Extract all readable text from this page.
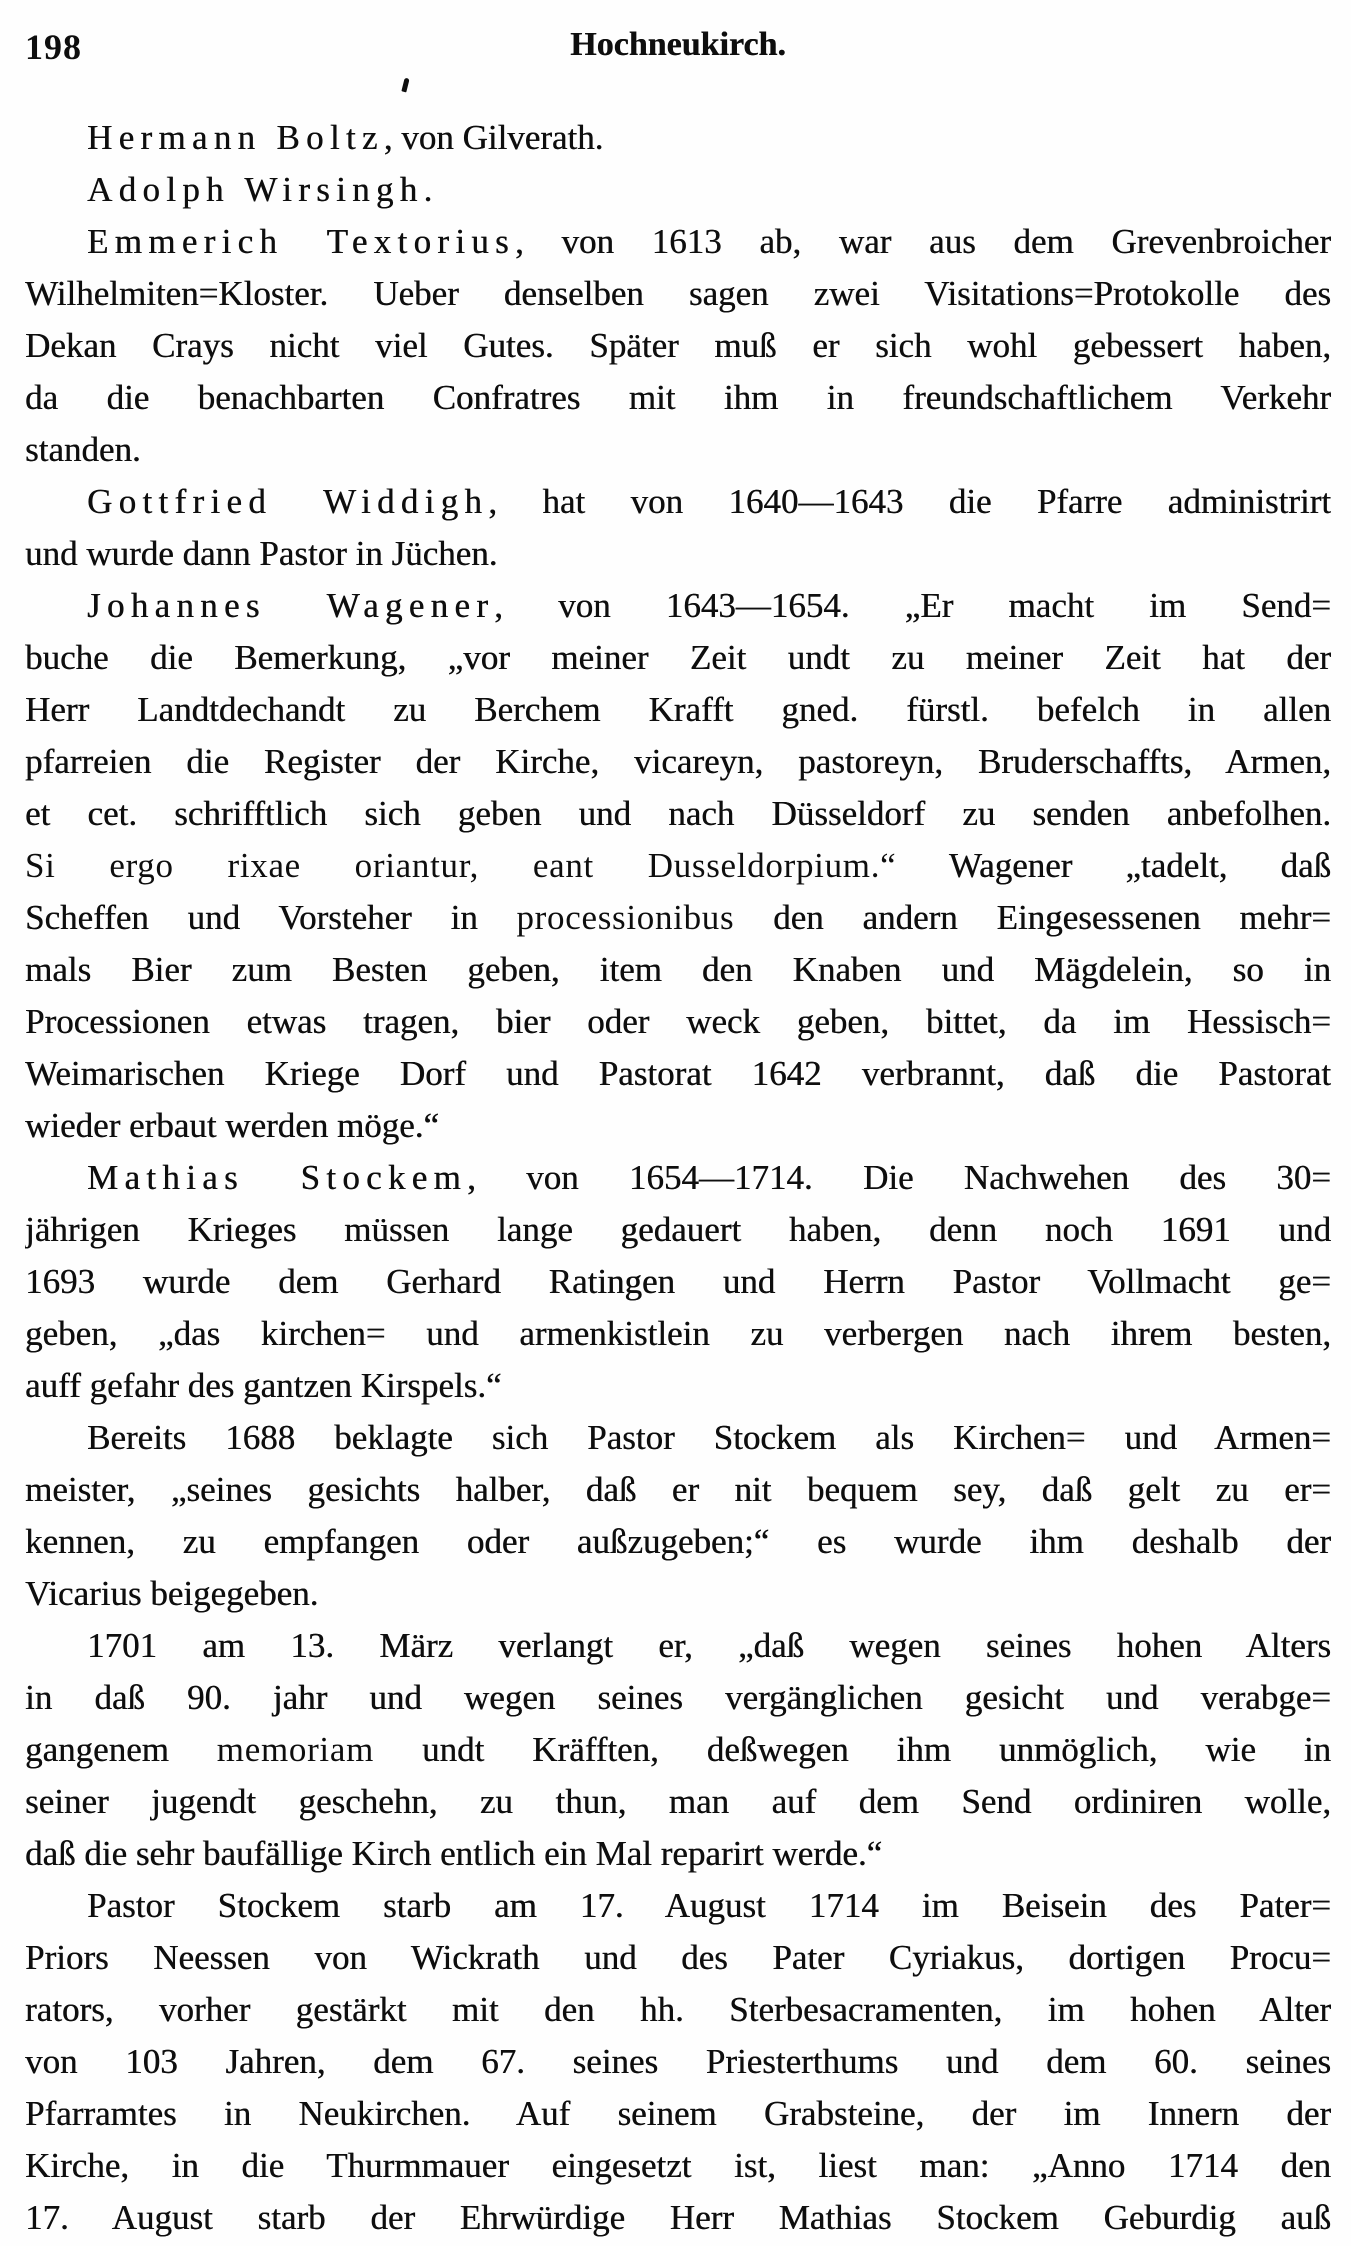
198	Hochneukirch.

Hermann Boltz, von Gilverath.

Adolph Wirsingh.

Emmerich Textorius, von 1613 ab, war aus dem Grevenbroicher
Wilhelmiten=Kloster. Ueber denselben sagen zwei Visitations=Protokolle des
Dekan Crays nicht viel Gutes. Später muß er sich wohl gebessert haben,
da die benachbarten Confratres mit ihm in freundschaftlichem Verkehr
standen.

Gottfried Widdigh, hat von 1640—1643 die Pfarre administrirt
und wurde dann Pastor in Jüchen.

Johannes Wagener, von 1643—1654. „Er macht im Send=
buche die Bemerkung, „vor meiner Zeit undt zu meiner Zeit hat der
Herr Landtdechandt zu Berchem Krafft gned. fürstl. befelch in allen
pfarreien die Register der Kirche, vicareyn, pastoreyn, Bruderschaffts, Armen,
et cet. schrifftlich sich geben und nach Düsseldorf zu senden anbefolhen.
Si ergo rixae oriantur, eant Dusseldorpium.“ Wagener „tadelt, daß
Scheffen und Vorsteher in processionibus den andern Eingesessenen mehr=
mals Bier zum Besten geben, item den Knaben und Mägdelein, so in
Processionen etwas tragen, bier oder weck geben, bittet, da im Hessisch=
Weimarischen Kriege Dorf und Pastorat 1642 verbrannt, daß die Pastorat
wieder erbaut werden möge.“

Mathias Stockem, von 1654—1714. Die Nachwehen des 30=
jährigen Krieges müssen lange gedauert haben, denn noch 1691 und
1693 wurde dem Gerhard Ratingen und Herrn Pastor Vollmacht ge=
geben, „das kirchen= und armenkistlein zu verbergen nach ihrem besten,
auff gefahr des gantzen Kirspels.“

Bereits 1688 beklagte sich Pastor Stockem als Kirchen= und Armen=
meister, „seines gesichts halber, daß er nit bequem sey, daß gelt zu er=
kennen, zu empfangen oder außzugeben;“ es wurde ihm deshalb der
Vicarius beigegeben.

1701 am 13. März verlangt er, „daß wegen seines hohen Alters
in daß 90. jahr und wegen seines vergänglichen gesicht und verabge=
gangenem memoriam undt Kräfften, deßwegen ihm unmöglich, wie in
seiner jugendt geschehn, zu thun, man auf dem Send ordiniren wolle,
daß die sehr baufällige Kirch entlich ein Mal reparirt werde.“

Pastor Stockem starb am 17. August 1714 im Beisein des Pater=
Priors Neessen von Wickrath und des Pater Cyriakus, dortigen Procu=
rators, vorher gestärkt mit den hh. Sterbesacramenten, im hohen Alter
von 103 Jahren, dem 67. seines Priesterthums und dem 60. seines
Pfarramtes in Neukirchen. Auf seinem Grabsteine, der im Innern der
Kirche, in die Thurmmauer eingesetzt ist, liest man: „Anno 1714 den
17. August starb der Ehrwürdige Herr Mathias Stockem Geburdig auß
